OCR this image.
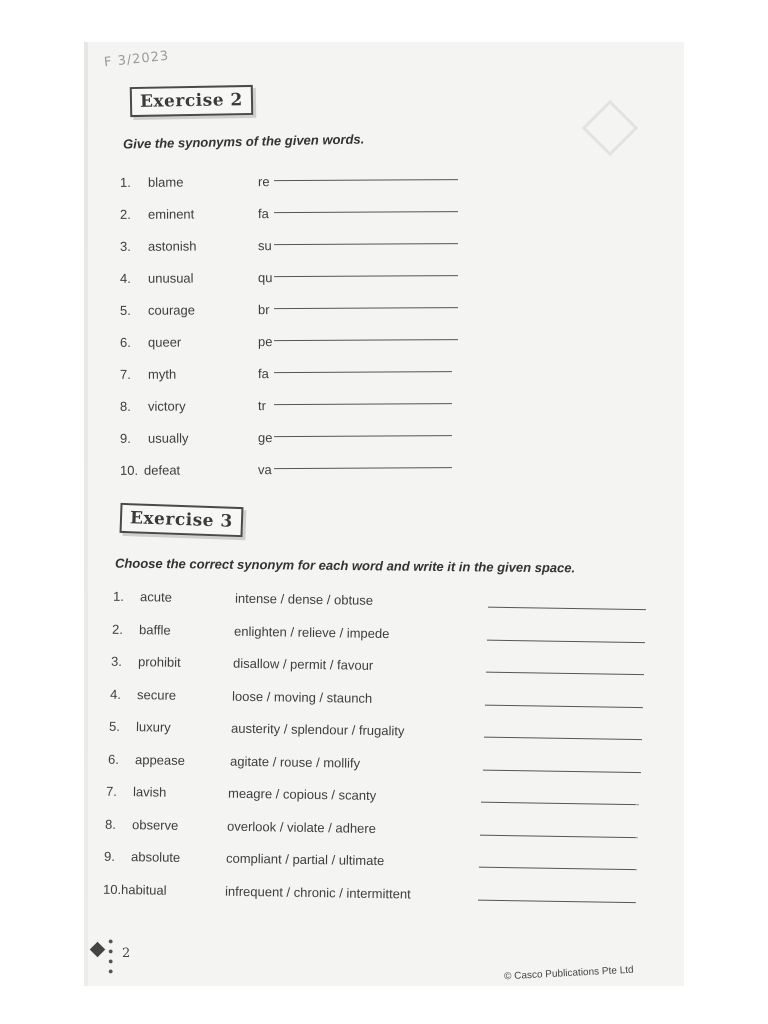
F 3/2023
Exercise 2
Give the synonyms of the given words.
1. blame	re
2. eminent	fa
3. astonish	su
4. unusual	qu
5. courage	br
6. queer	pe
7. myth	fa
8. victory	tr
9. usually	ge
10. defeat	va
Exercise 3
Choose the correct synonym for each word and write it in the given space.
1. acute	intense / dense / obtuse
2. baffle	enlighten / relieve / impede
3. prohibit	disallow / permit / favour
4. secure	loose / moving / staunch
5. luxury	austerity / splendour / frugality
6. appease	agitate / rouse / mollify
7. lavish	meagre / copious / scanty
8. observe	overlook / violate / adhere
9. absolute	compliant / partial / ultimate
10. habitual	infrequent / chronic / intermittent
● ● ● ●
2
© Casco Publications Pte Ltd
